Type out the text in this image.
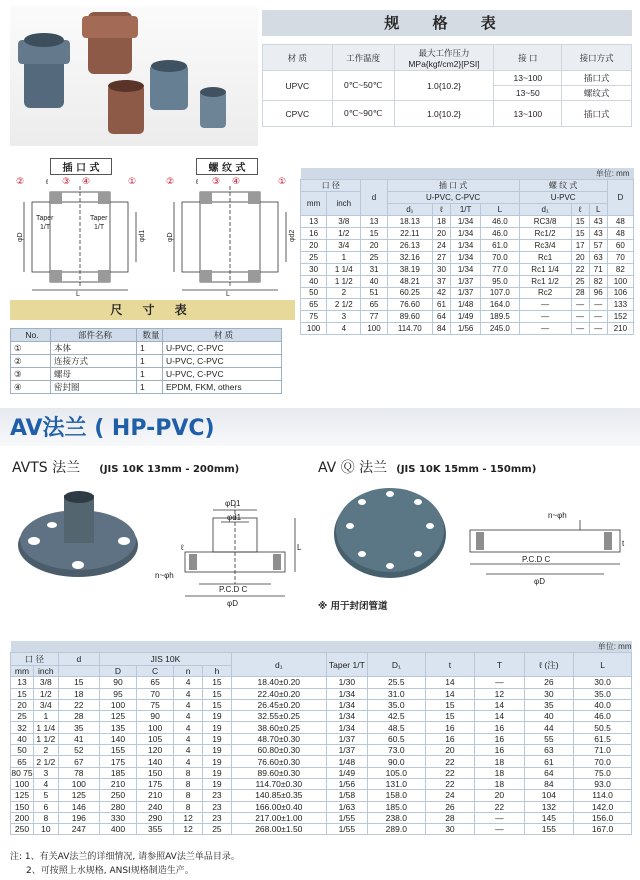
规 格 表
材 质	工作温度	最大工作压力
MPa{kgf/cm2}[PSI]	接 口	接口方式
UPVC	0℃~50℃	1.0{10.2}	13~100	插口式
			13~50	螺纹式
CPVC	0℃~90℃	1.0{10.2}	13~100	插口式
插 口 式
②	③ ④	①
ℓ
φD	φd1
L
Taper
1/T
Taper
1/T
螺 纹 式
②	③ ④	①
ℓ
φD	φd2
L
单位: mm										
口 径		d	插 口 式				螺 纹 式			D
mm	inch		U-PVC, C-PVC				U-PVC			
			d₁	ℓ	1/T	L	d₁	ℓ	L	
13	3/8	13	18.13	18	1/34	46.0	RC3/8	15	43	48
16	1/2	15	22.11	20	1/34	46.0	Rc1/2	15	43	48
20	3/4	20	26.13	24	1/34	61.0	Rc3/4	17	57	60
25	1	25	32.16	27	1/34	70.0	Rc1	20	63	70
30	1 1/4	31	38.19	30	1/34	77.0	Rc1 1/4	22	71	82
40	1 1/2	40	48.21	37	1/37	95.0	Rc1 1/2	25	82	100
50	2	51	60.25	42	1/37	107.0	Rc2	28	96	106
65	2 1/2	65	76.60	61	1/48	164.0	—	—	—	133
75	3	77	89.60	64	1/49	189.5	—	—	—	152
100	4	100	114.70	84	1/56	245.0	—	—	—	210
尺 寸 表
No.	部件名称	数量	材 质
①	本体	1	U-PVC, C-PVC
②	连接方式	1	U-PVC, C-PVC
③	螺母	1	U-PVC, C-PVC
④	密封圈	1	EPDM, FKM, others
AV法兰 ( HP-PVC)
AVTS 法兰 (JIS 10K 13mm - 200mm)	AV Ⓠ 法兰 (JIS 10K 15mm - 150mm)
φD1
φd1
n~φh
P.C.D C
φD
L
ℓ
n~φh
P.C.D C
φD
t
※ 用于封闭管道
单位: mm													
口 径		d	JIS 10K				d₁	Taper 1/T	D₁	t	T	ℓ (注)	L
mm	inch		D	C	n	h							

13	3/8	15	90	65	4	15	18.40±0.20	1/30	25.5	14	—	26	30.0
15	1/2	18	95	70	4	15	22.40±0.20	1/34	31.0	14	12	30	35.0
20	3/4	22	100	75	4	15	26.45±0.20	1/34	35.0	15	14	35	40.0
25	1	28	125	90	4	19	32.55±0.25	1/34	42.5	15	14	40	46.0
32	1 1/4	35	135	100	4	19	38.60±0.25	1/34	48.5	16	16	44	50.5
40	1 1/2	41	140	105	4	19	48.70±0.30	1/37	60.5	16	16	55	61.5
50	2	52	155	120	4	19	60.80±0.30	1/37	73.0	20	16	63	71.0
65	2 1/2	67	175	140	4	19	76.60±0.30	1/48	90.0	22	18	61	70.0
80 75	3	78	185	150	8	19	89.60±0.30	1/49	105.0	22	18	64	75.0
100	4	100	210	175	8	19	114.70±0.30	1/56	131.0	22	18	84	93.0
125	5	125	250	210	8	23	140.85±0.35	1/58	158.0	24	20	104	114.0
150	6	146	280	240	8	23	166.00±0.40	1/63	185.0	26	22	132	142.0
200	8	196	330	290	12	23	217.00±1.00	1/55	238.0	28	—	145	156.0
250	10	247	400	355	12	25	268.00±1.50	1/55	289.0	30	—	155	167.0
注: 1、有关AV法兰的详细情况, 请参照AV法兰单品目录。
2、可按照上水规格, ANSI规格制造生产。
